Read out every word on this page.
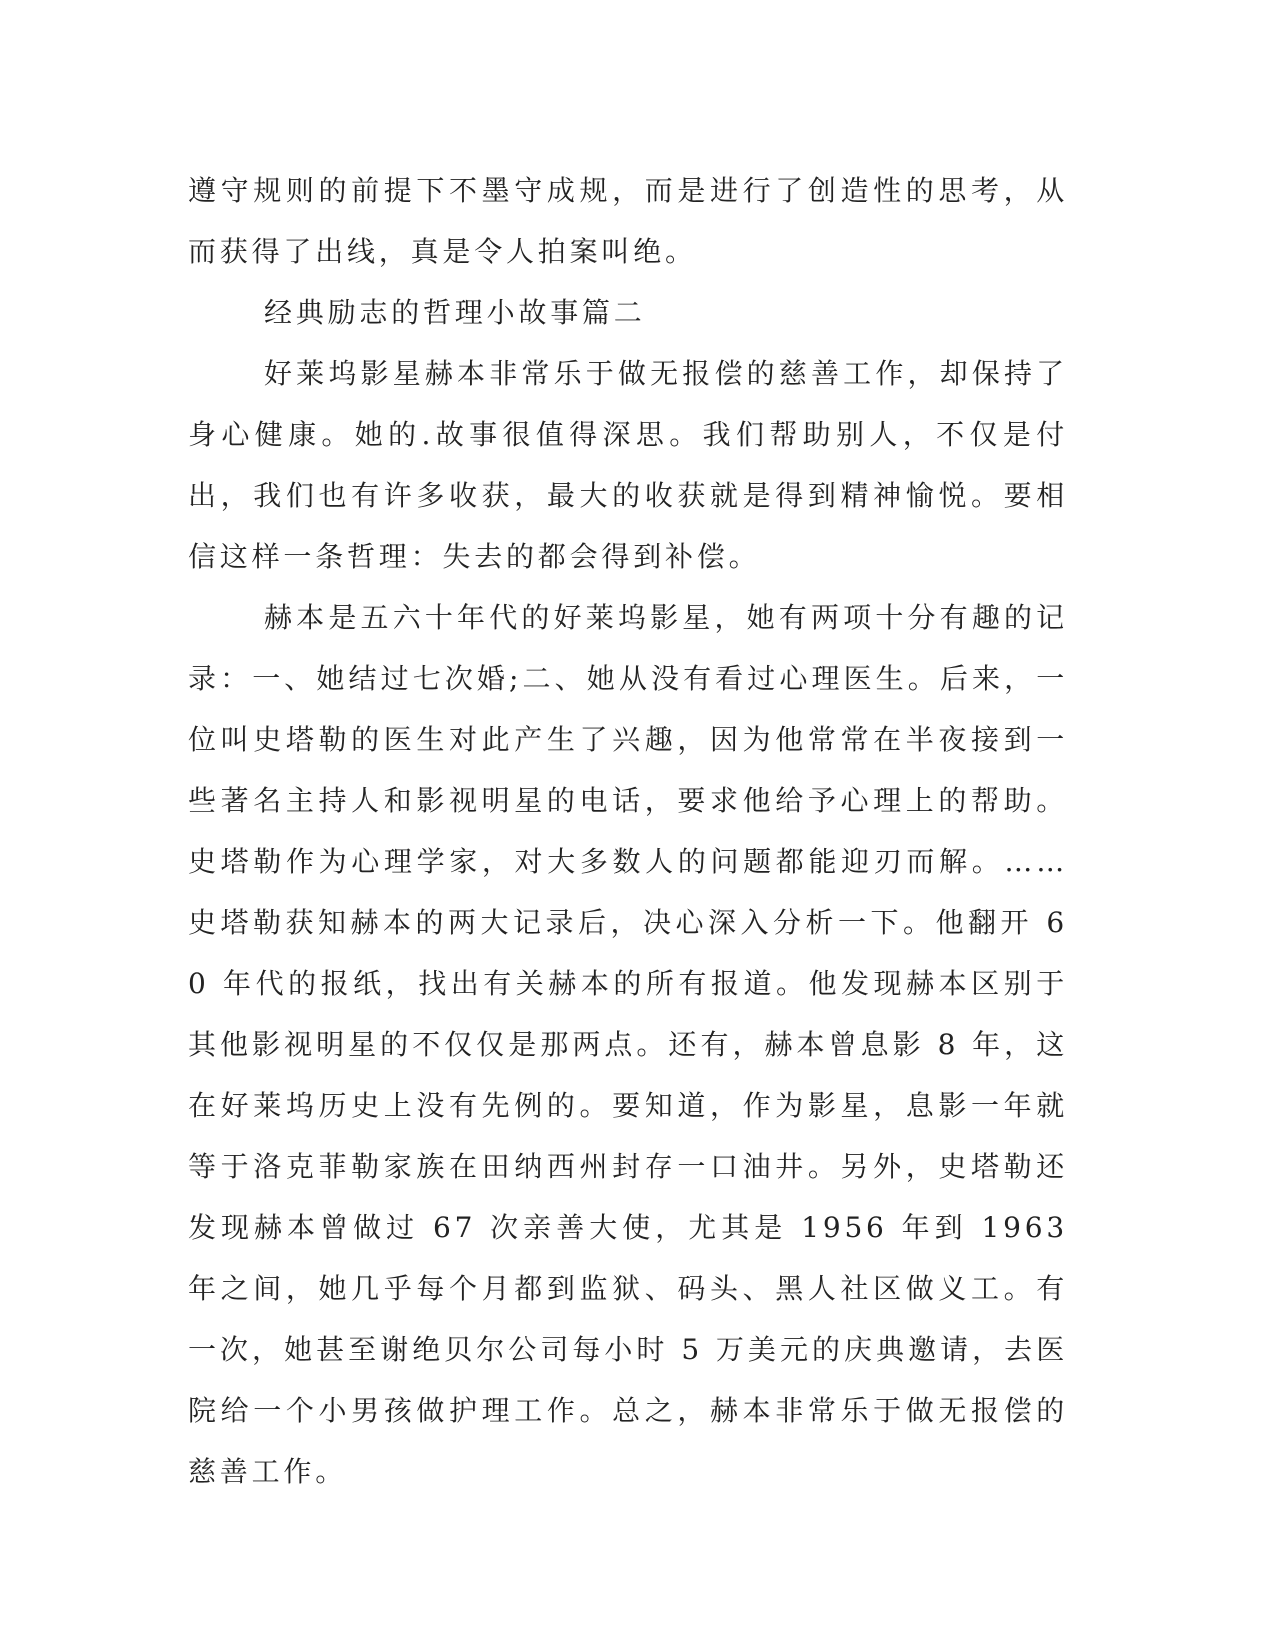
遵守规则的前提下不墨守成规，而是进行了创造性的思考，从而获得了出线，真是令人拍案叫绝。

经典励志的哲理小故事篇二

好莱坞影星赫本非常乐于做无报偿的慈善工作，却保持了身心健康。她的.故事很值得深思。我们帮助别人，不仅是付出，我们也有许多收获，最大的收获就是得到精神愉悦。要相信这样一条哲理：失去的都会得到补偿。

赫本是五六十年代的好莱坞影星，她有两项十分有趣的记录：一、她结过七次婚;二、她从没有看过心理医生。后来，一位叫史塔勒的医生对此产生了兴趣，因为他常常在半夜接到一些著名主持人和影视明星的电话，要求他给予心理上的帮助。史塔勒作为心理学家，对大多数人的问题都能迎刃而解。……史塔勒获知赫本的两大记录后，决心深入分析一下。他翻开 60 年代的报纸，找出有关赫本的所有报道。他发现赫本区别于其他影视明星的不仅仅是那两点。还有，赫本曾息影 8 年，这在好莱坞历史上没有先例的。要知道，作为影星，息影一年就等于洛克菲勒家族在田纳西州封存一口油井。另外，史塔勒还发现赫本曾做过 67 次亲善大使，尤其是 1956 年到 1963 年之间，她几乎每个月都到监狱、码头、黑人社区做义工。有一次，她甚至谢绝贝尔公司每小时 5 万美元的庆典邀请，去医院给一个小男孩做护理工作。总之，赫本非常乐于做无报偿的慈善工作。
